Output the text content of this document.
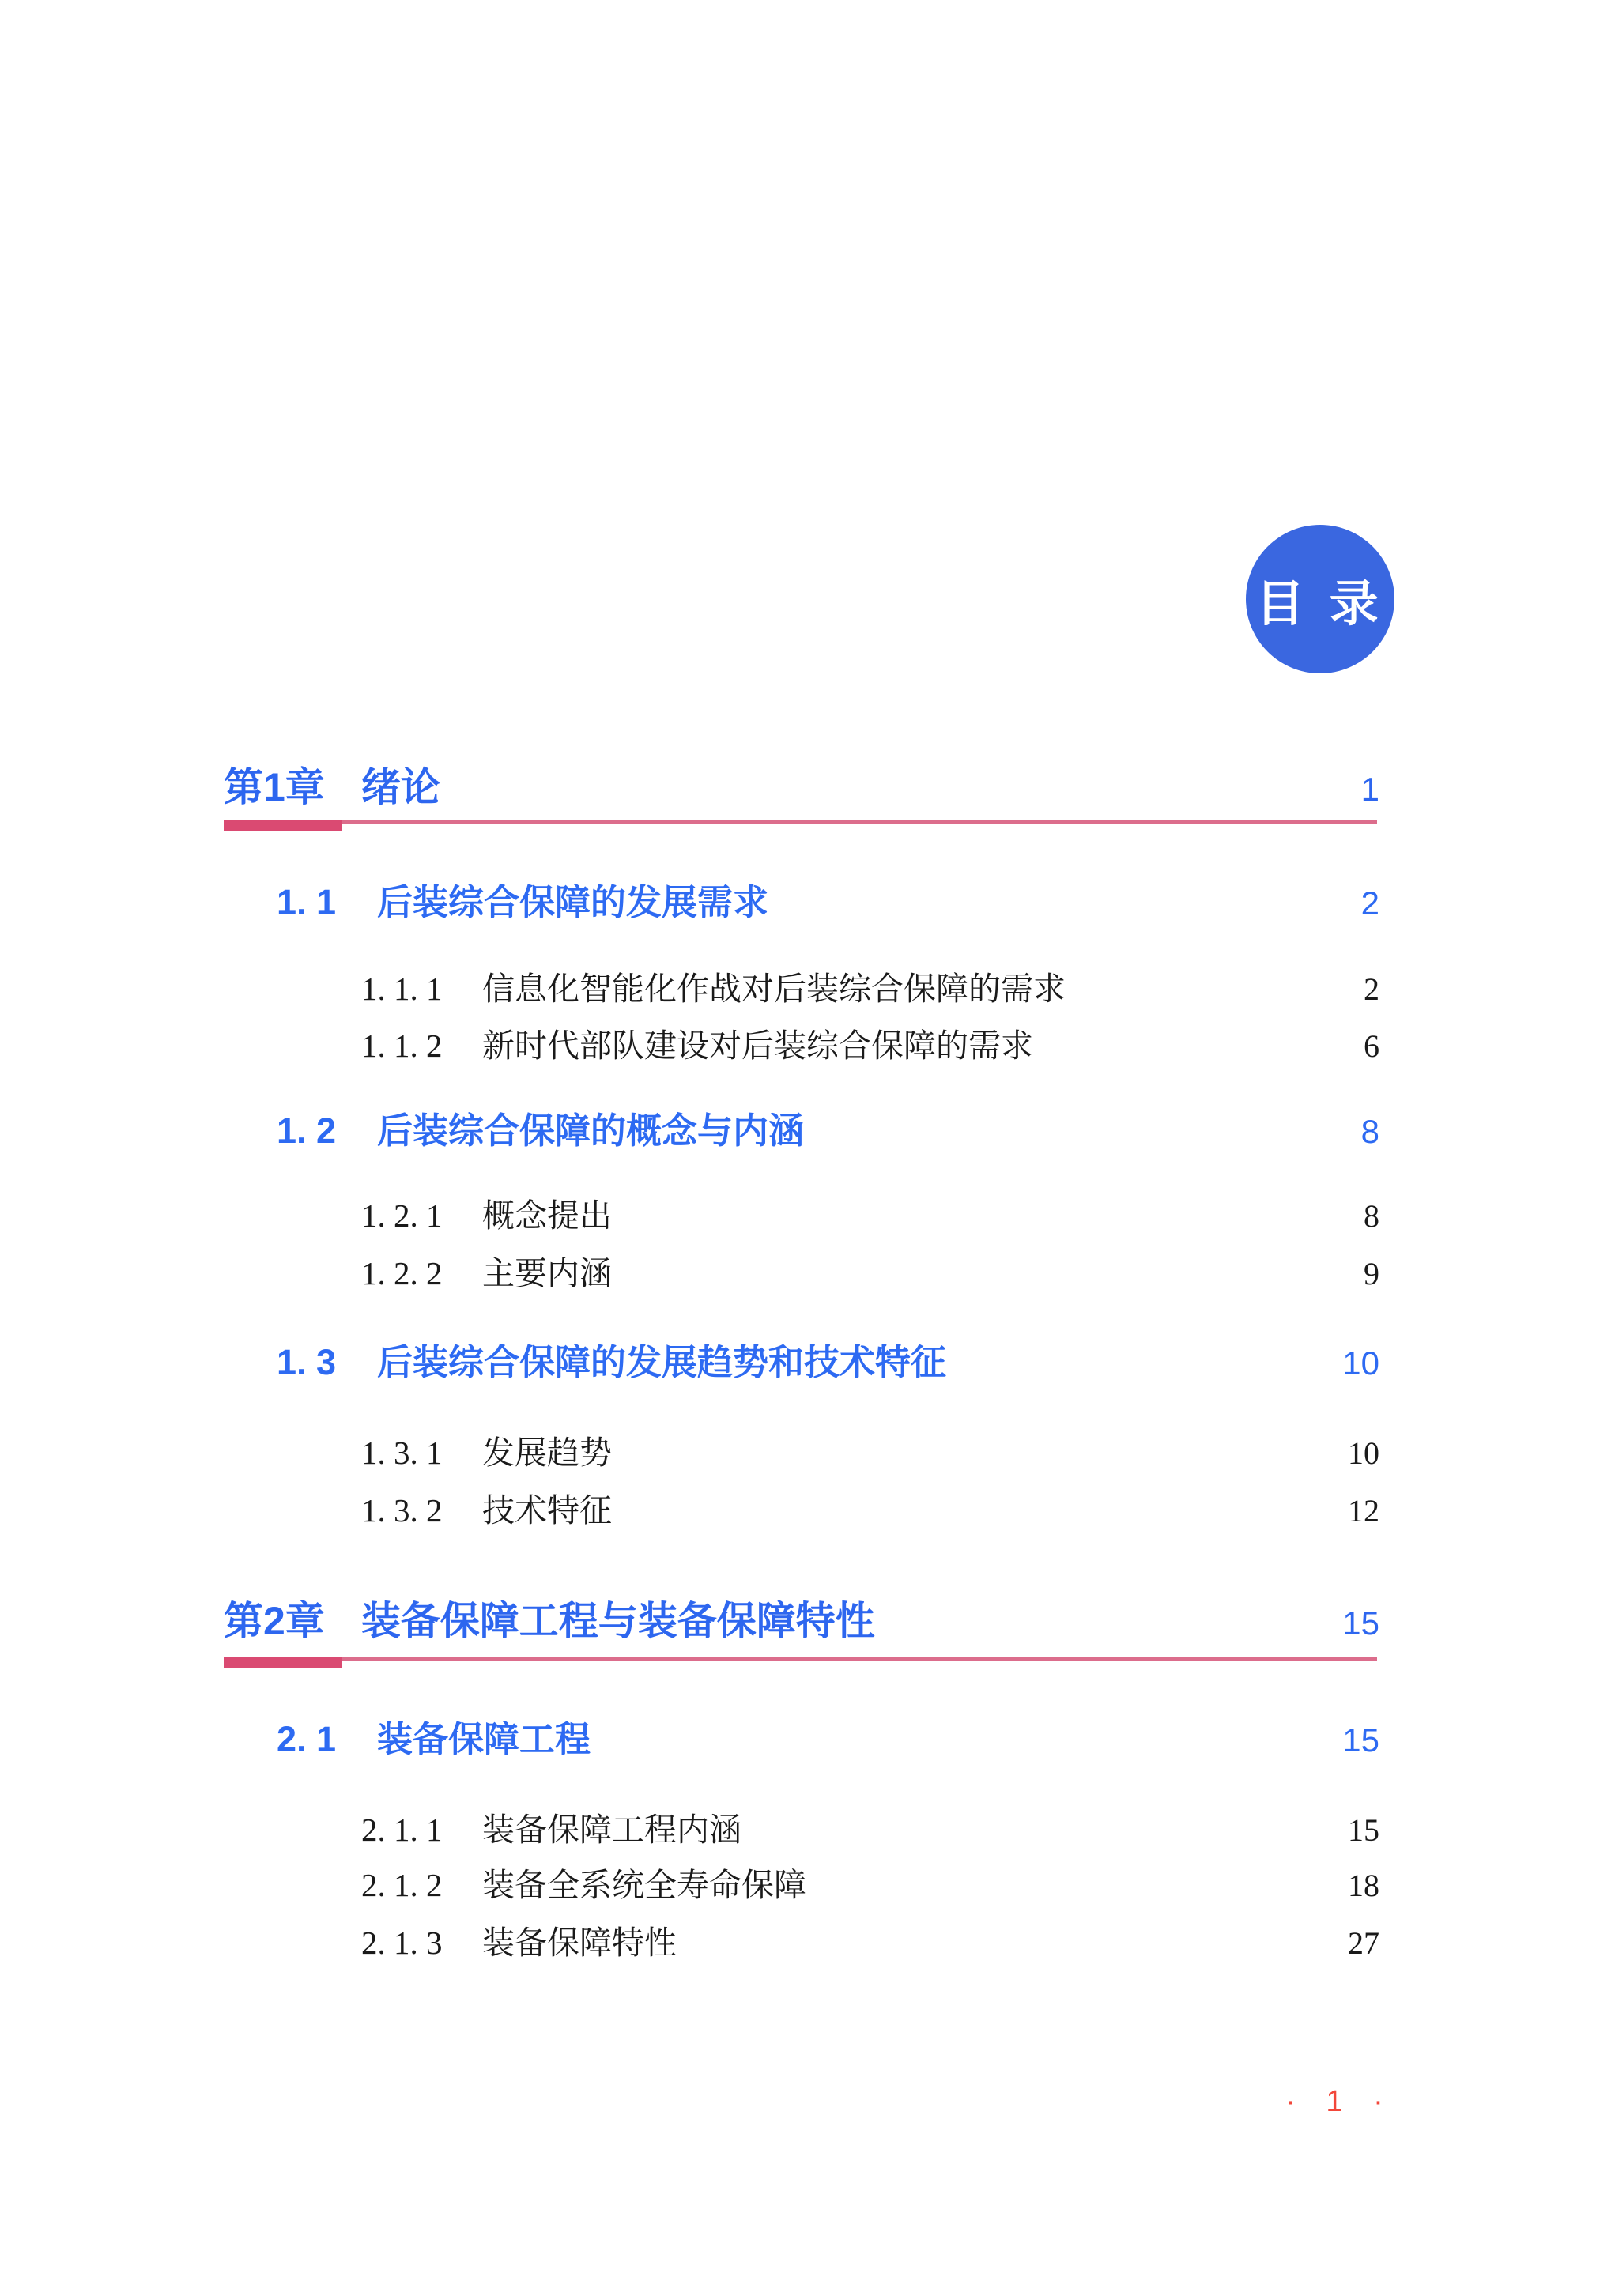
目 录
第1章 绪论	1
1. 1 后装综合保障的发展需求	2
1. 1. 1 信息化智能化作战对后装综合保障的需求	2
1. 1. 2 新时代部队建设对后装综合保障的需求	6
1. 2 后装综合保障的概念与内涵	8
1. 2. 1 概念提出	8
1. 2. 2 主要内涵	9
1. 3 后装综合保障的发展趋势和技术特征	10
1. 3. 1 发展趋势	10
1. 3. 2 技术特征	12
第2章 装备保障工程与装备保障特性	15
2. 1 装备保障工程	15
2. 1. 1 装备保障工程内涵	15
2. 1. 2 装备全系统全寿命保障	18
2. 1. 3 装备保障特性	27
· 1 ·
